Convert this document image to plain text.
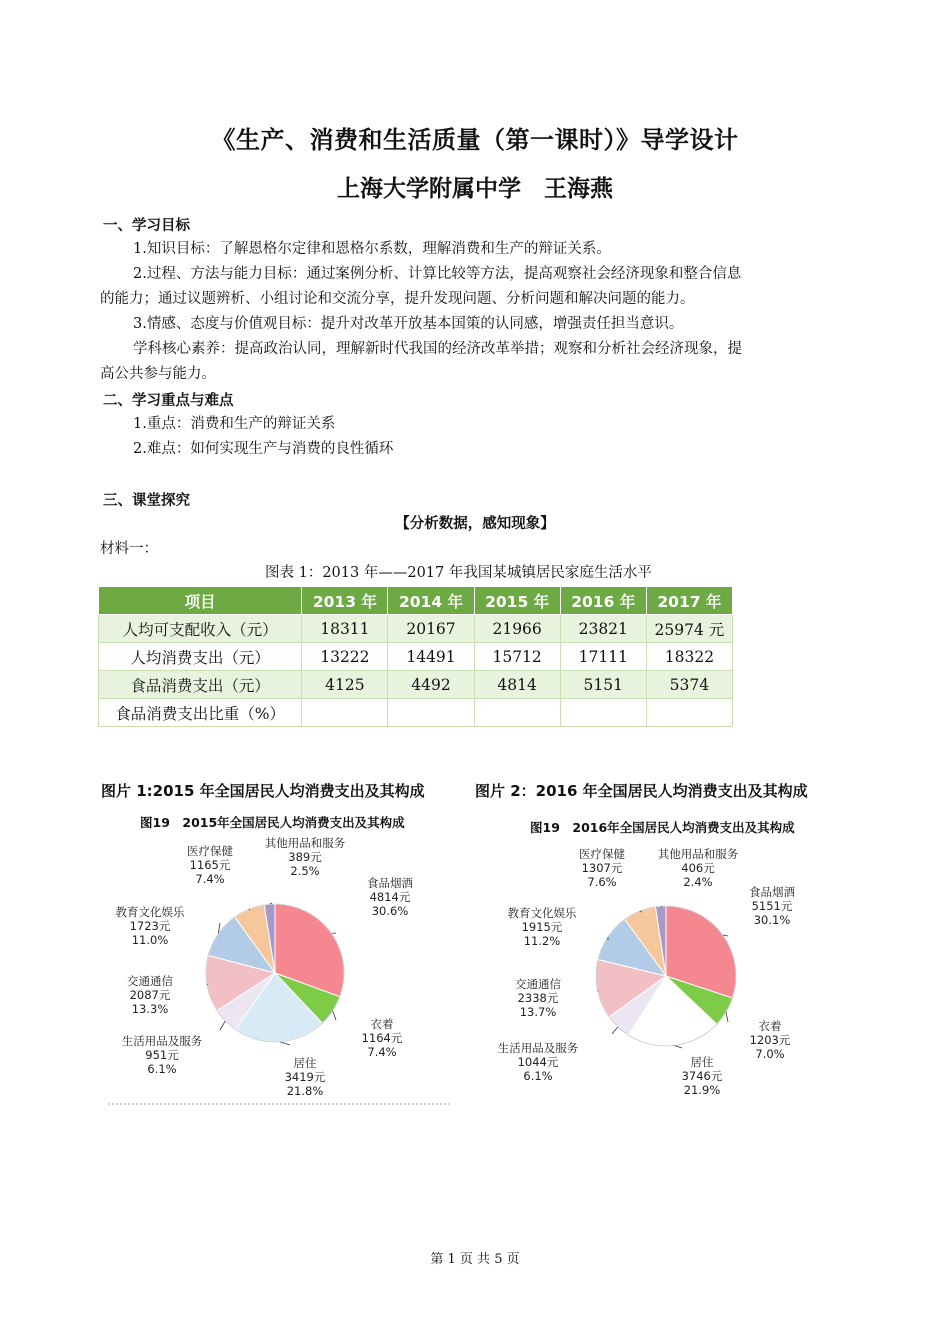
《生产、消费和生活质量（第一课时）》导学设计
上海大学附属中学　王海燕
一、学习目标
1.知识目标：了解恩格尔定律和恩格尔系数，理解消费和生产的辩证关系。
2.过程、方法与能力目标：通过案例分析、计算比较等方法，提高观察社会经济现象和整合信息
的能力；通过议题辨析、小组讨论和交流分享，提升发现问题、分析问题和解决问题的能力。
3.情感、态度与价值观目标：提升对改革开放基本国策的认同感，增强责任担当意识。
学科核心素养：提高政治认同，理解新时代我国的经济改革举措；观察和分析社会经济现象，提
高公共参与能力。
二、学习重点与难点
1.重点：消费和生产的辩证关系
2.难点：如何实现生产与消费的良性循环
三、课堂探究
【分析数据，感知现象】
材料一：
图表 1：2013 年——2017 年我国某城镇居民家庭生活水平
项目	2013 年	2014 年	2015 年	2016 年	2017 年
人均可支配收入（元）	18311	20167	21966	23821	25974 元
人均消费支出（元）	13222	14491	15712	17111	18322
食品消费支出（元）	4125	4492	4814	5151	5374
食品消费支出比重（%）					
图片 1:2015 年全国居民人均消费支出及其构成	图片 2：2016 年全国居民人均消费支出及其构成
图19　2015年全国居民人均消费支出及其构成
食品烟酒
4814元
30.6%
衣着
1164元
7.4%
居住
3419元
21.8%
生活用品及服务
951元
6.1%
交通通信
2087元
13.3%
教育文化娱乐
1723元
11.0%
医疗保健
1165元
7.4%
其他用品和服务
389元
2.5%
图19　2016年全国居民人均消费支出及其构成
食品烟酒
5151元
30.1%
衣着
1203元
7.0%
居住
3746元
21.9%
生活用品及服务
1044元
6.1%
交通通信
2338元
13.7%
教育文化娱乐
1915元
11.2%
医疗保健
1307元
7.6%
其他用品和服务
406元
2.4%
第 1 页 共 5 页
